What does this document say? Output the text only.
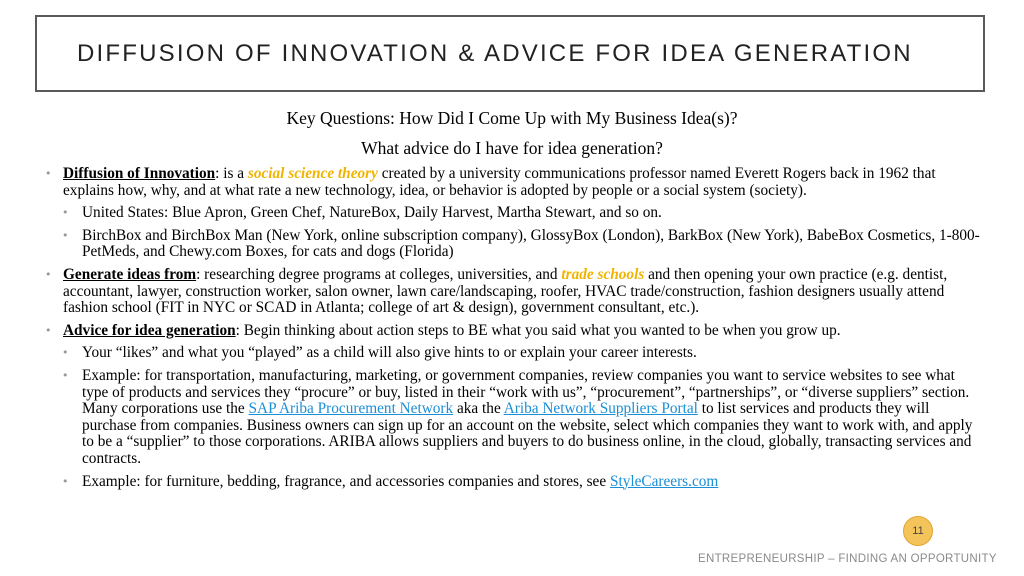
DIFFUSION OF INNOVATION & ADVICE FOR IDEA GENERATION
Key Questions: How Did I Come Up with My Business Idea(s)?
What advice do I have for idea generation?
• Diffusion of Innovation: is a social science theory created by a university communications professor named Everett Rogers back in 1962 that explains how, why, and at what rate a new technology, idea, or behavior is adopted by people or a social system (society).
• United States: Blue Apron, Green Chef, NatureBox, Daily Harvest, Martha Stewart, and so on.
• BirchBox and BirchBox Man (New York, online subscription company), GlossyBox (London), BarkBox (New York), BabeBox Cosmetics, 1-800-PetMeds, and Chewy.com Boxes, for cats and dogs (Florida)
• Generate ideas from: researching degree programs at colleges, universities, and trade schools and then opening your own practice (e.g. dentist, accountant, lawyer, construction worker, salon owner, lawn care/landscaping, roofer, HVAC trade/construction, fashion designers usually attend fashion school (FIT in NYC or SCAD in Atlanta; college of art & design), government consultant, etc.).
• Advice for idea generation: Begin thinking about action steps to BE what you said what you wanted to be when you grow up.
• Your “likes” and what you “played” as a child will also give hints to or explain your career interests.
• Example: for transportation, manufacturing, marketing, or government companies, review companies you want to service websites to see what type of products and services they “procure” or buy, listed in their “work with us”, “procurement”, “partnerships”, or “diverse suppliers” section. Many corporations use the SAP Ariba Procurement Network aka the Ariba Network Suppliers Portal to list services and products they will purchase from companies. Business owners can sign up for an account on the website, select which companies they want to work with, and apply to be a “supplier” to those corporations. ARIBA allows suppliers and buyers to do business online, in the cloud, globally, transacting services and contracts.
• Example: for furniture, bedding, fragrance, and accessories companies and stores, see StyleCareers.com
11
ENTREPRENEURSHIP – FINDING AN OPPORTUNITY
